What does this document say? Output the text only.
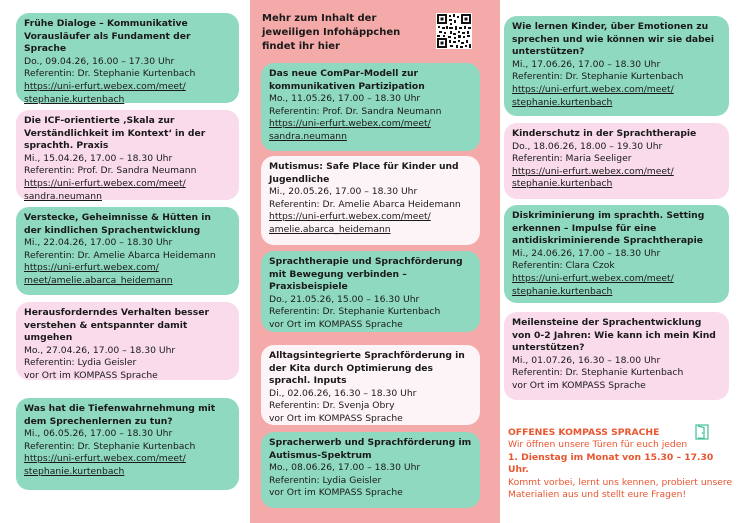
Frühe Dialoge – Kommunikative Vorausläufer als Fundament der Sprache
Do., 09.04.26, 16.00 – 17.30 Uhr
Referentin: Dr. Stephanie Kurtenbach
https://uni-erfurt.webex.com/meet/
stephanie.kurtenbach
Die ICF-orientierte ‚Skala zur Verständlichkeit im Kontext‘ in der sprachth. Praxis
Mi., 15.04.26, 17.00 – 18.30 Uhr
Referentin: Prof. Dr. Sandra Neumann
https://uni-erfurt.webex.com/meet/
sandra.neumann
Verstecke, Geheimnisse & Hütten in der kindlichen Sprachentwicklung
Mi., 22.04.26, 17.00 – 18.30 Uhr
Referentin: Dr. Amelie Abarca Heidemann
https://uni-erfurt.webex.com/
meet/amelie.abarca_heidemann
Herausforderndes Verhalten besser verstehen & entspannter damit umgehen
Mo., 27.04.26, 17.00 – 18.30 Uhr
Referentin: Lydia Geisler
vor Ort im KOMPASS Sprache
Was hat die Tiefenwahrnehmung mit dem Sprechenlernen zu tun?
Mi., 06.05.26, 17.00 – 18.30 Uhr
Referentin: Dr. Stephanie Kurtenbach
https://uni-erfurt.webex.com/meet/
stephanie.kurtenbach
Mehr zum Inhalt der jeweiligen Infohäppchen findet ihr hier
Das neue ComPar-Modell zur kommunikativen Partizipation
Mo., 11.05.26, 17.00 – 18.30 Uhr
Referentin: Prof. Dr. Sandra Neumann
https://uni-erfurt.webex.com/meet/
sandra.neumann
Mutismus: Safe Place für Kinder und Jugendliche
Mi., 20.05.26, 17.00 – 18.30 Uhr
Referentin: Dr. Amelie Abarca Heidemann
https://uni-erfurt.webex.com/meet/
amelie.abarca_heidemann
Sprachtherapie und Sprachförderung mit Bewegung verbinden – Praxisbeispiele
Do., 21.05.26, 15.00 – 16.30 Uhr
Referentin: Dr. Stephanie Kurtenbach
vor Ort im KOMPASS Sprache
Alltagsintegrierte Sprachförderung in der Kita durch Optimierung des sprachl. Inputs
Di., 02.06.26, 16.30 – 18.30 Uhr
Referentin: Dr. Svenja Obry
vor Ort im KOMPASS Sprache
Spracherwerb und Sprachförderung im Autismus-Spektrum
Mo., 08.06.26, 17.00 – 18.30 Uhr
Referentin: Lydia Geisler
vor Ort im KOMPASS Sprache
Wie lernen Kinder, über Emotionen zu sprechen und wie können wir sie dabei unterstützen?
Mi., 17.06.26, 17.00 – 18.30 Uhr
Referentin: Dr. Stephanie Kurtenbach
https://uni-erfurt.webex.com/meet/
stephanie.kurtenbach
Kinderschutz in der Sprachtherapie
Do., 18.06.26, 18.00 – 19.30 Uhr
Referentin: Maria Seeliger
https://uni-erfurt.webex.com/meet/
stephanie.kurtenbach
Diskriminierung im sprachth. Setting erkennen – Impulse für eine antidiskriminierende Sprachtherapie
Mi., 24.06.26, 17.00 – 18.30 Uhr
Referentin: Clara Czok
https://uni-erfurt.webex.com/meet/
stephanie.kurtenbach
Meilensteine der Sprachentwicklung von 0-2 Jahren: Wie kann ich mein Kind unterstützen?
Mi., 01.07.26, 16.30 – 18.00 Uhr
Referentin: Dr. Stephanie Kurtenbach
vor Ort im KOMPASS Sprache
OFFENES KOMPASS SPRACHE
Wir öffnen unsere Türen für euch jeden
1. Dienstag im Monat von 15.30 – 17.30 Uhr.
Kommt vorbei, lernt uns kennen, probiert unsere Materialien aus und stellt eure Fragen!
